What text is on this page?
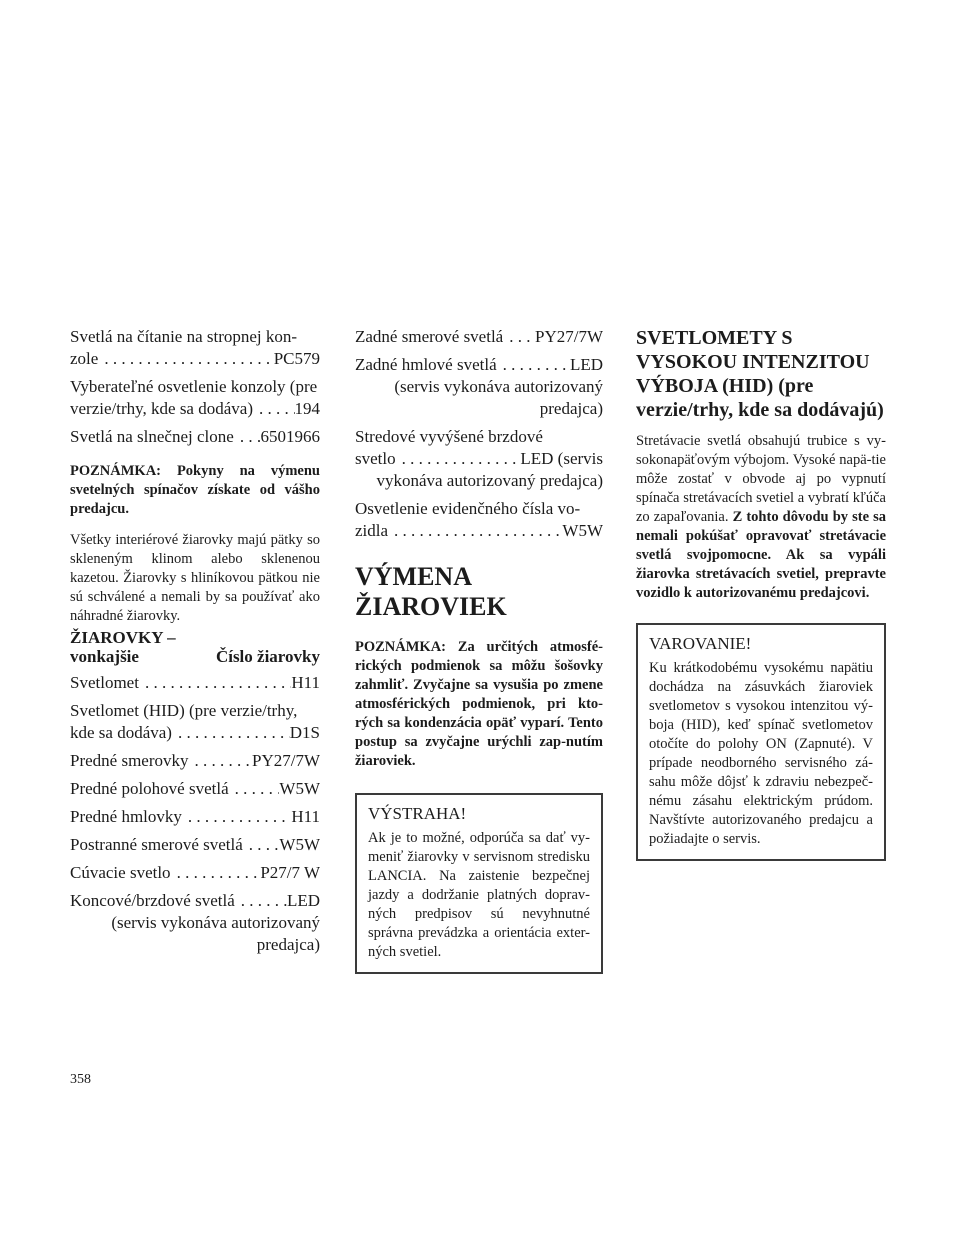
Svetlá na čítanie na stropnej kon-
zole . . .	PC579
Vyberateľné osvetlenie konzoly (pre
verzie/trhy, kde sa dodáva) . . . 194
Svetlá na slnečnej clone . . . 6501966
POZNÁMKA: Pokyny na výmenu svetelných spínačov získate od vášho predajcu.
Všetky interiérové žiarovky majú pätky so skleneným klinom alebo sklenenou kazetou. Žiarovky s hliníkovou pätkou nie sú schválené a nemali by sa používať ako náhradné žiarovky.
ŽIAROVKY –
vonkajšie	Číslo žiarovky
Svetlomet . . .	H11
Svetlomet (HID) (pre verzie/trhy,
kde sa dodáva) . . .	D1S
Predné smerovky . . .	PY27/7W
Predné polohové svetlá . . .	W5W
Predné hmlovky . . .	H11
Postranné smerové svetlá . . . W5W
Cúvacie svetlo . . .	P27/7 W
Koncové/brzdové svetlá . . .	LED
(servis vykonáva autorizovaný
predajca)
Zadné smerové svetlá . . . PY27/7W
Zadné hmlové svetlá . . .	LED
(servis vykonáva autorizovaný
predajca)
Stredové vyvýšené brzdové
svetlo . . .	LED (servis
vykonáva autorizovaný predajca)
Osvetlenie evidenčného čísla vo-
zidla . . .	W5W
VÝMENA ŽIAROVIEK
POZNÁMKA: Za určitých atmosfé-rických podmienok sa môžu šošovky zahmliť. Zvyčajne sa vysušia po zmene atmosférických podmienok, pri kto-rých sa kondenzácia opäť vyparí. Tento postup sa zvyčajne urýchli zap-nutím žiaroviek.
VÝSTRAHA!
Ak je to možné, odporúča sa dať vy-meniť žiarovky v servisnom stredisku LANCIA. Na zaistenie bezpečnej jazdy a dodržanie platných doprav-ných predpisov sú nevyhnutné správna prevádzka a orientácia exter-ných svetiel.
SVETLOMETY S VYSOKOU INTENZITOU VÝBOJA (HID) (pre verzie/trhy, kde sa dodávajú)
Stretávacie svetlá obsahujú trubice s vy-sokonapäťovým výbojom. Vysoké napä-tie môže zostať v obvode aj po vypnutí spínača stretávacích svetiel a vybratí kľúča zo zapaľovania. Z tohto dôvodu by ste sa nemali pokúšať opravovať stretávacie svetlá svojpomocne. Ak sa vypáli žiarovka stretávacích svetiel, prepravte vozidlo k autorizovanému predajcovi.
VAROVANIE!
Ku krátkodobému vysokému napätiu dochádza na zásuvkách žiaroviek svetlometov s vysokou intenzitou vý-boja (HID), keď spínač svetlometov otočíte do polohy ON (Zapnuté). V prípade neodborného servisného zá-sahu môže dôjsť k zdraviu nebezpeč-nému zásahu elektrickým prúdom. Navštívte autorizovaného predajcu a požiadajte o servis.
358
